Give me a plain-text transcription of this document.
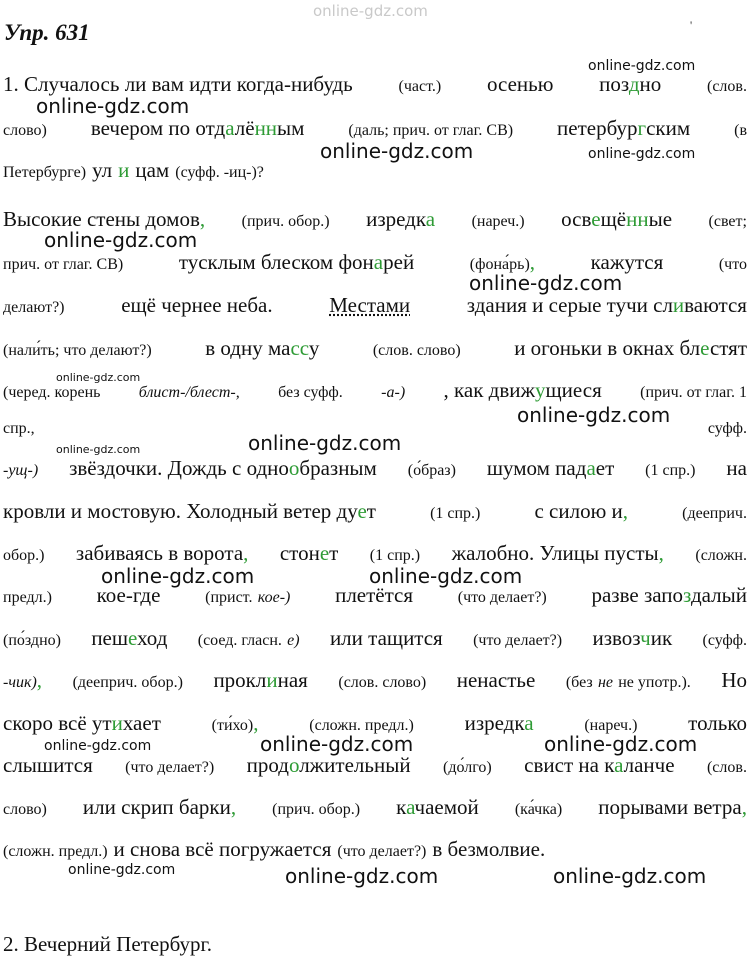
online-gdz.com
Упр. 631	'
1. Случалось ли вам идти когда-нибудь	(част.) осенью поздно	(слов.
слово) вечером по отдалённым	(даль; прич. от глаг. СВ) петербургским	(в
Петербурге) ул и цам (суфф. -иц-)?
Высокие стены домов, (прич. обор.) изредка (нареч.) освещённые (свет;
прич. от глаг. СВ)	тусклым блеском фонарей	(фона́рь),	кажутся	(что
делают?)	ещё чернее неба.	Местами	здания и серые тучи сливаются
(нали́ть; что делают?)	в одну массу	(слов. слово)	и огоньки в окнах блестят
(черед. корень блист-/блест-, без суфф. -а-) , как движущиеся (прич. от глаг. 1
спр.,	суфф.
-ущ-) звёздочки. Дождь с однообразным (о́браз) шумом падает (1 спр.) на
кровли и мостовую. Холодный ветер дует	(1 спр.)	с силою и,	(дееприч.
обор.) забиваясь в ворота, стонет (1 спр.) жалобно. Улицы пусты, (сложн.
предл.) кое-где	(прист. кое-) плетётся	(что делает?) разве запоздалый
(по́здно) пешеход (соед. гласн. е) или тащится (что делает?) извозчик (суфф.
-чик), (дееприч. обор.) проклиная (слов. слово) ненастье (без не не употр.). Но
скоро всё утихает	(ти́хо),	(сложн. предл.) изредка	(нареч.) только
слышится (что делает?) продолжительный (до́лго) свист на каланче (слов.
слово) или скрип барки, (прич. обор.) качаемой (ка́чка) порывами ветра,
(сложн. предл.) и снова всё погружается (что делает?) в безмолвие.
2. Вечерний Петербург.
online-gdz.com
online-gdz.com
online-gdz.com	online-gdz.com
online-gdz.com
online-gdz.com
online-gdz.com
online-gdz.com
online-gdz.com
online-gdz.com
online-gdz.com	online-gdz.com
online-gdz.com	online-gdz.com
online-gdz.com
online-gdz.com	online-gdz.com	online-gdz.com
